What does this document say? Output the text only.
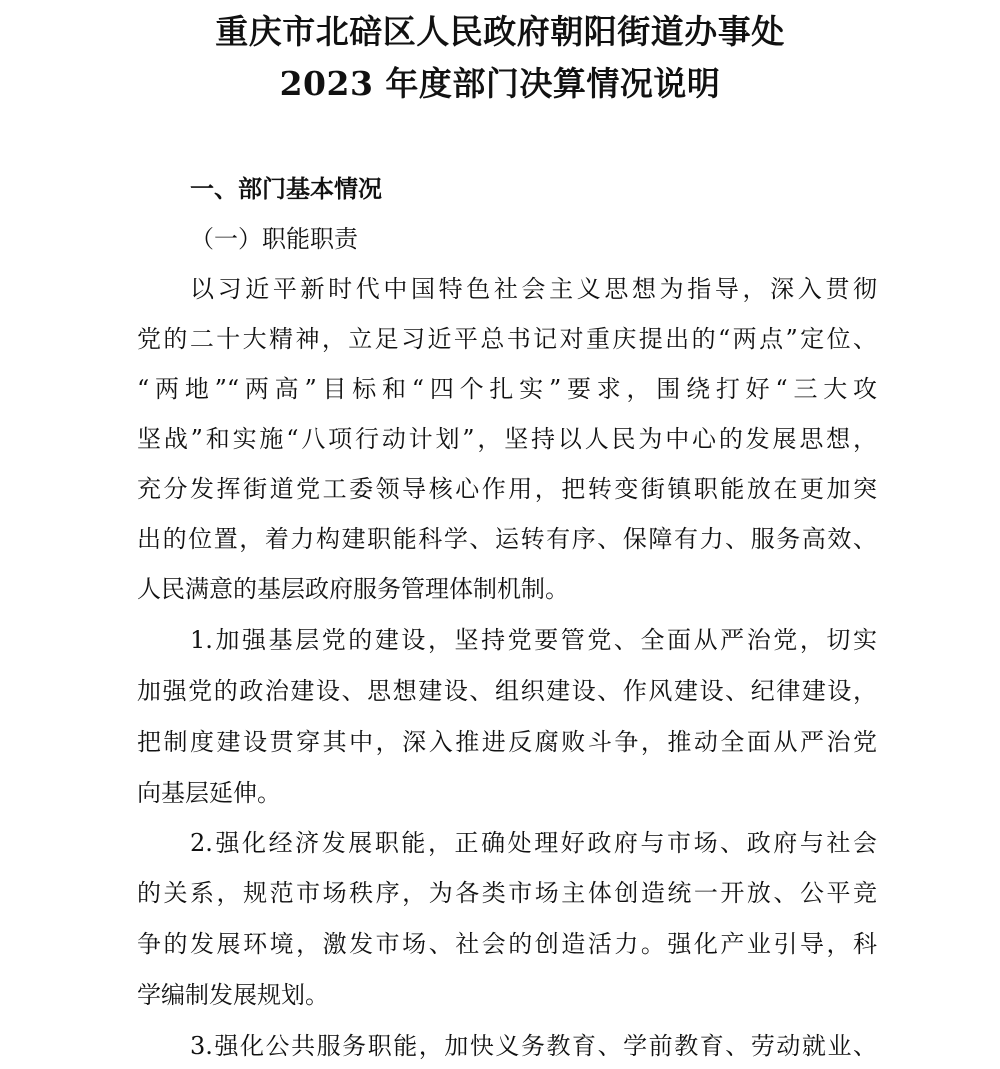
重庆市北碚区人民政府朝阳街道办事处
2023 年度部门决算情况说明
一、部门基本情况
（一）职能职责
以习近平新时代中国特色社会主义思想为指导，深入贯彻
党的二十大精神，立足习近平总书记对重庆提出的“两点”定位、
“两地”“两高”目标和“四个扎实”要求，围绕打好“三大攻
坚战”和实施“八项行动计划”，坚持以人民为中心的发展思想，
充分发挥街道党工委领导核心作用，把转变街镇职能放在更加突
出的位置，着力构建职能科学、运转有序、保障有力、服务高效、
人民满意的基层政府服务管理体制机制。
1.加强基层党的建设，坚持党要管党、全面从严治党，切实
加强党的政治建设、思想建设、组织建设、作风建设、纪律建设，
把制度建设贯穿其中，深入推进反腐败斗争，推动全面从严治党
向基层延伸。
2.强化经济发展职能，正确处理好政府与市场、政府与社会
的关系，规范市场秩序，为各类市场主体创造统一开放、公平竞
争的发展环境，激发市场、社会的创造活力。强化产业引导，科
学编制发展规划。
3.强化公共服务职能，加快义务教育、学前教育、劳动就业、
